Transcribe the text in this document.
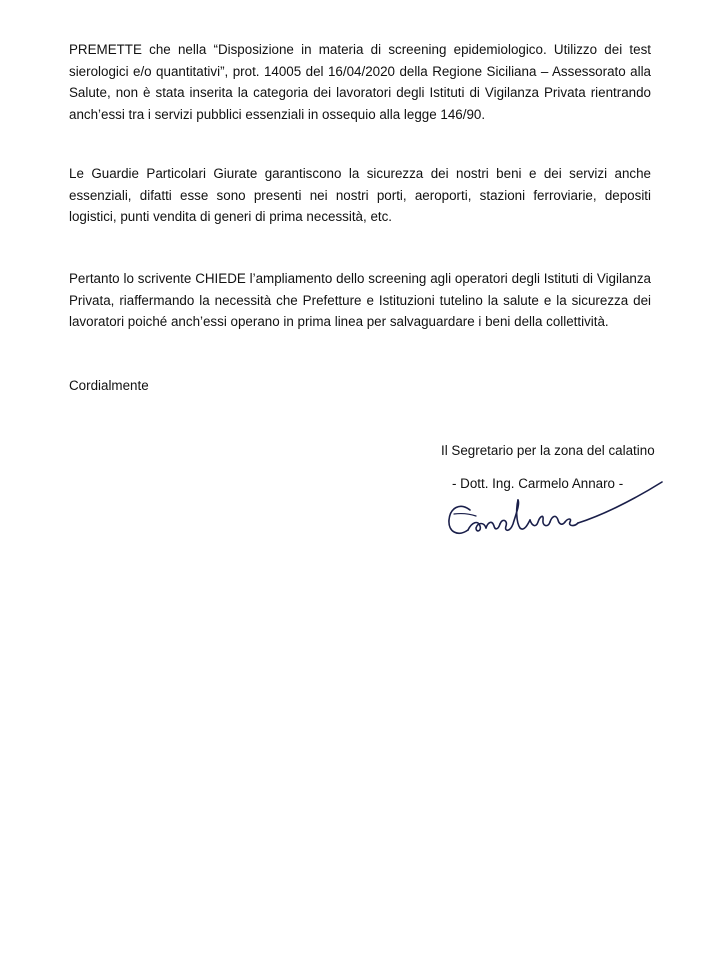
PREMETTE che nella “Disposizione in materia di screening epidemiologico. Utilizzo dei test sierologici e/o quantitativi”, prot. 14005 del 16/04/2020 della Regione Siciliana – Assessorato alla Salute, non è stata inserita la categoria dei lavoratori degli Istituti di Vigilanza Privata rientrando anch’essi tra i servizi pubblici essenziali in ossequio alla legge 146/90.

Le Guardie Particolari Giurate garantiscono la sicurezza dei nostri beni e dei servizi anche essenziali, difatti esse sono presenti nei nostri porti, aeroporti, stazioni ferroviarie, depositi logistici, punti vendita di generi di prima necessità, etc.

Pertanto lo scrivente CHIEDE l’ampliamento dello screening agli operatori degli Istituti di Vigilanza Privata, riaffermando la necessità che Prefetture e Istituzioni tutelino la salute e la sicurezza dei lavoratori poiché anch’essi operano in prima linea per salvaguardare i beni della collettività.

Cordialmente

Il Segretario per la zona del calatino

- Dott. Ing. Carmelo Annaro -
